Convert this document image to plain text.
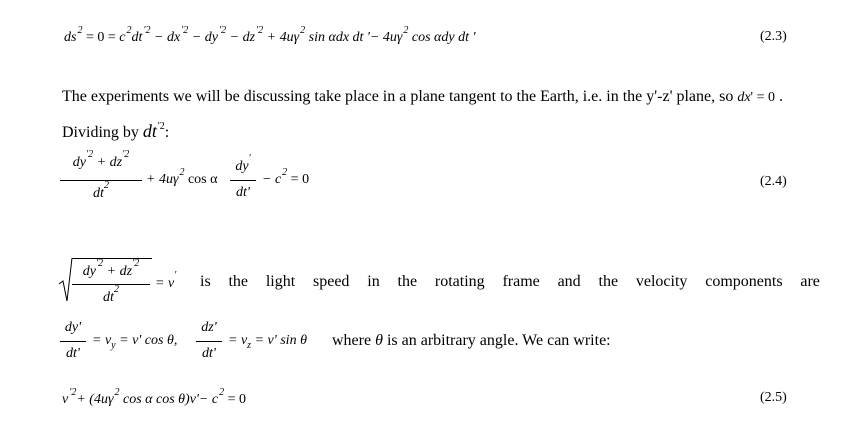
$ds^2 = 0 = c^2dt^{'2} - dx^{'2} - dy^{'2} - dz^{'2} + 4u\gamma^2$ sin αdx dt '− $4u\gamma^2$ cos αdy dt '	(2.3)
The experiments we will be discussing take place in a plane tangent to the Earth, i.e. in the y'-z' plane, so dx' = 0 .
Dividing by $dt^{'2}$:
$dy^{'2} + dz^{'2}$
$dt^2$	+ $4u\gamma^2$ cos α
dy'
dt'
− $c^2 = 0$	(2.4)
$dy^{'2} + dz^{'2}$
$dt^2$	= v' is the light speed in the rotating frame and the velocity components are
dy'
dt'
= $v_y = v'$ cos θ,
dz'
dt'
= $v_z = v'$ sin θ where θ is an arbitrary angle. We can write:
$v^{'2}+ (4u\gamma^2$ cos α $\cos \theta)v'- c^2 = 0$	(2.5)
